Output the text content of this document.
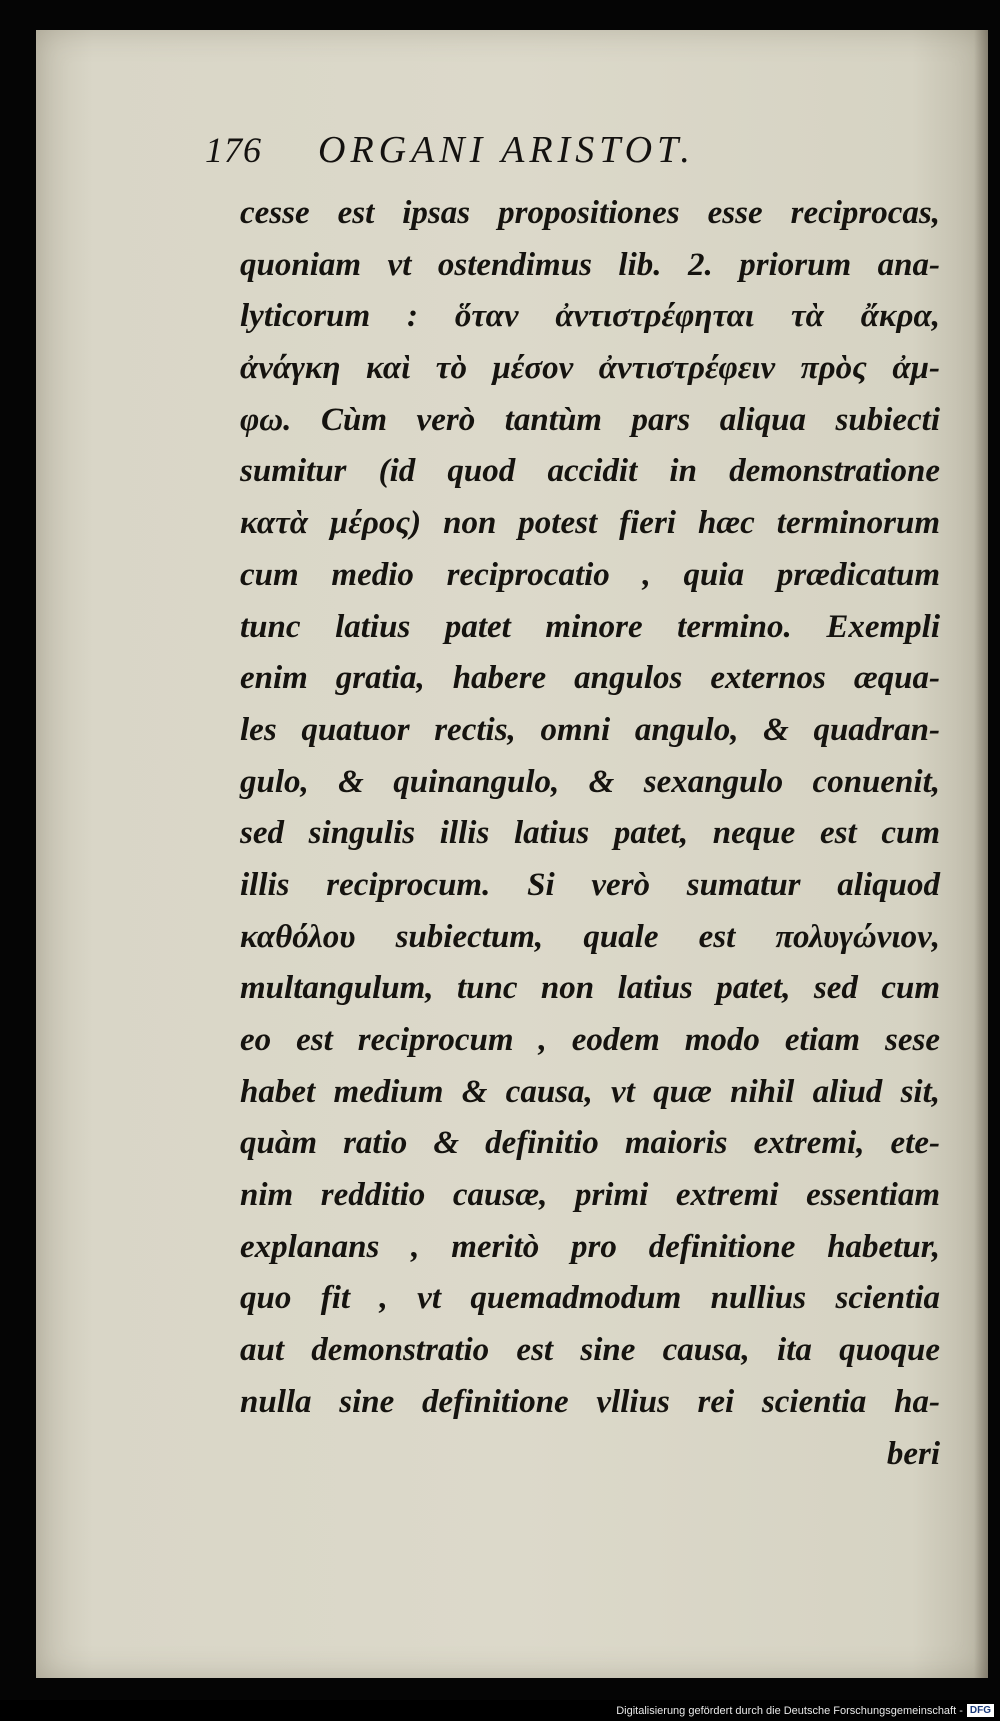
176 ORGANI ARISTOT.
cesse est ipsas propositiones esse reciprocas,
quoniam vt ostendimus lib. 2. priorum ana-
lyticorum : ὅταν ἀντιστρέφηται τὰ ἄκρα,
ἀνάγκη καὶ τὸ μέσον ἀντιστρέφειν πρὸς ἀμ-
φω. Cùm verò tantùm pars aliqua subiecti
sumitur (id quod accidit in demonstratione
κατὰ μέρος) non potest fieri hæc terminorum
cum medio reciprocatio , quia prædicatum
tunc latius patet minore termino. Exempli
enim gratia, habere angulos externos æqua-
les quatuor rectis, omni angulo, & quadran-
gulo, & quinangulo, & sexangulo conuenit,
sed singulis illis latius patet, neque est cum
illis reciprocum. Si verò sumatur aliquod
καθόλου subiectum, quale est πολυγώνιον,
multangulum, tunc non latius patet, sed cum
eo est reciprocum , eodem modo etiam sese
habet medium & causa, vt quæ nihil aliud sit,
quàm ratio & definitio maioris extremi, ete-
nim redditio causæ, primi extremi essentiam
explanans , meritò pro definitione habetur,
quo fit , vt quemadmodum nullius scientia
aut demonstratio est sine causa, ita quoque
nulla sine definitione vllius rei scientia ha-
beri
Digitalisierung gefördert durch die Deutsche Forschungsgemeinschaft - DFG
